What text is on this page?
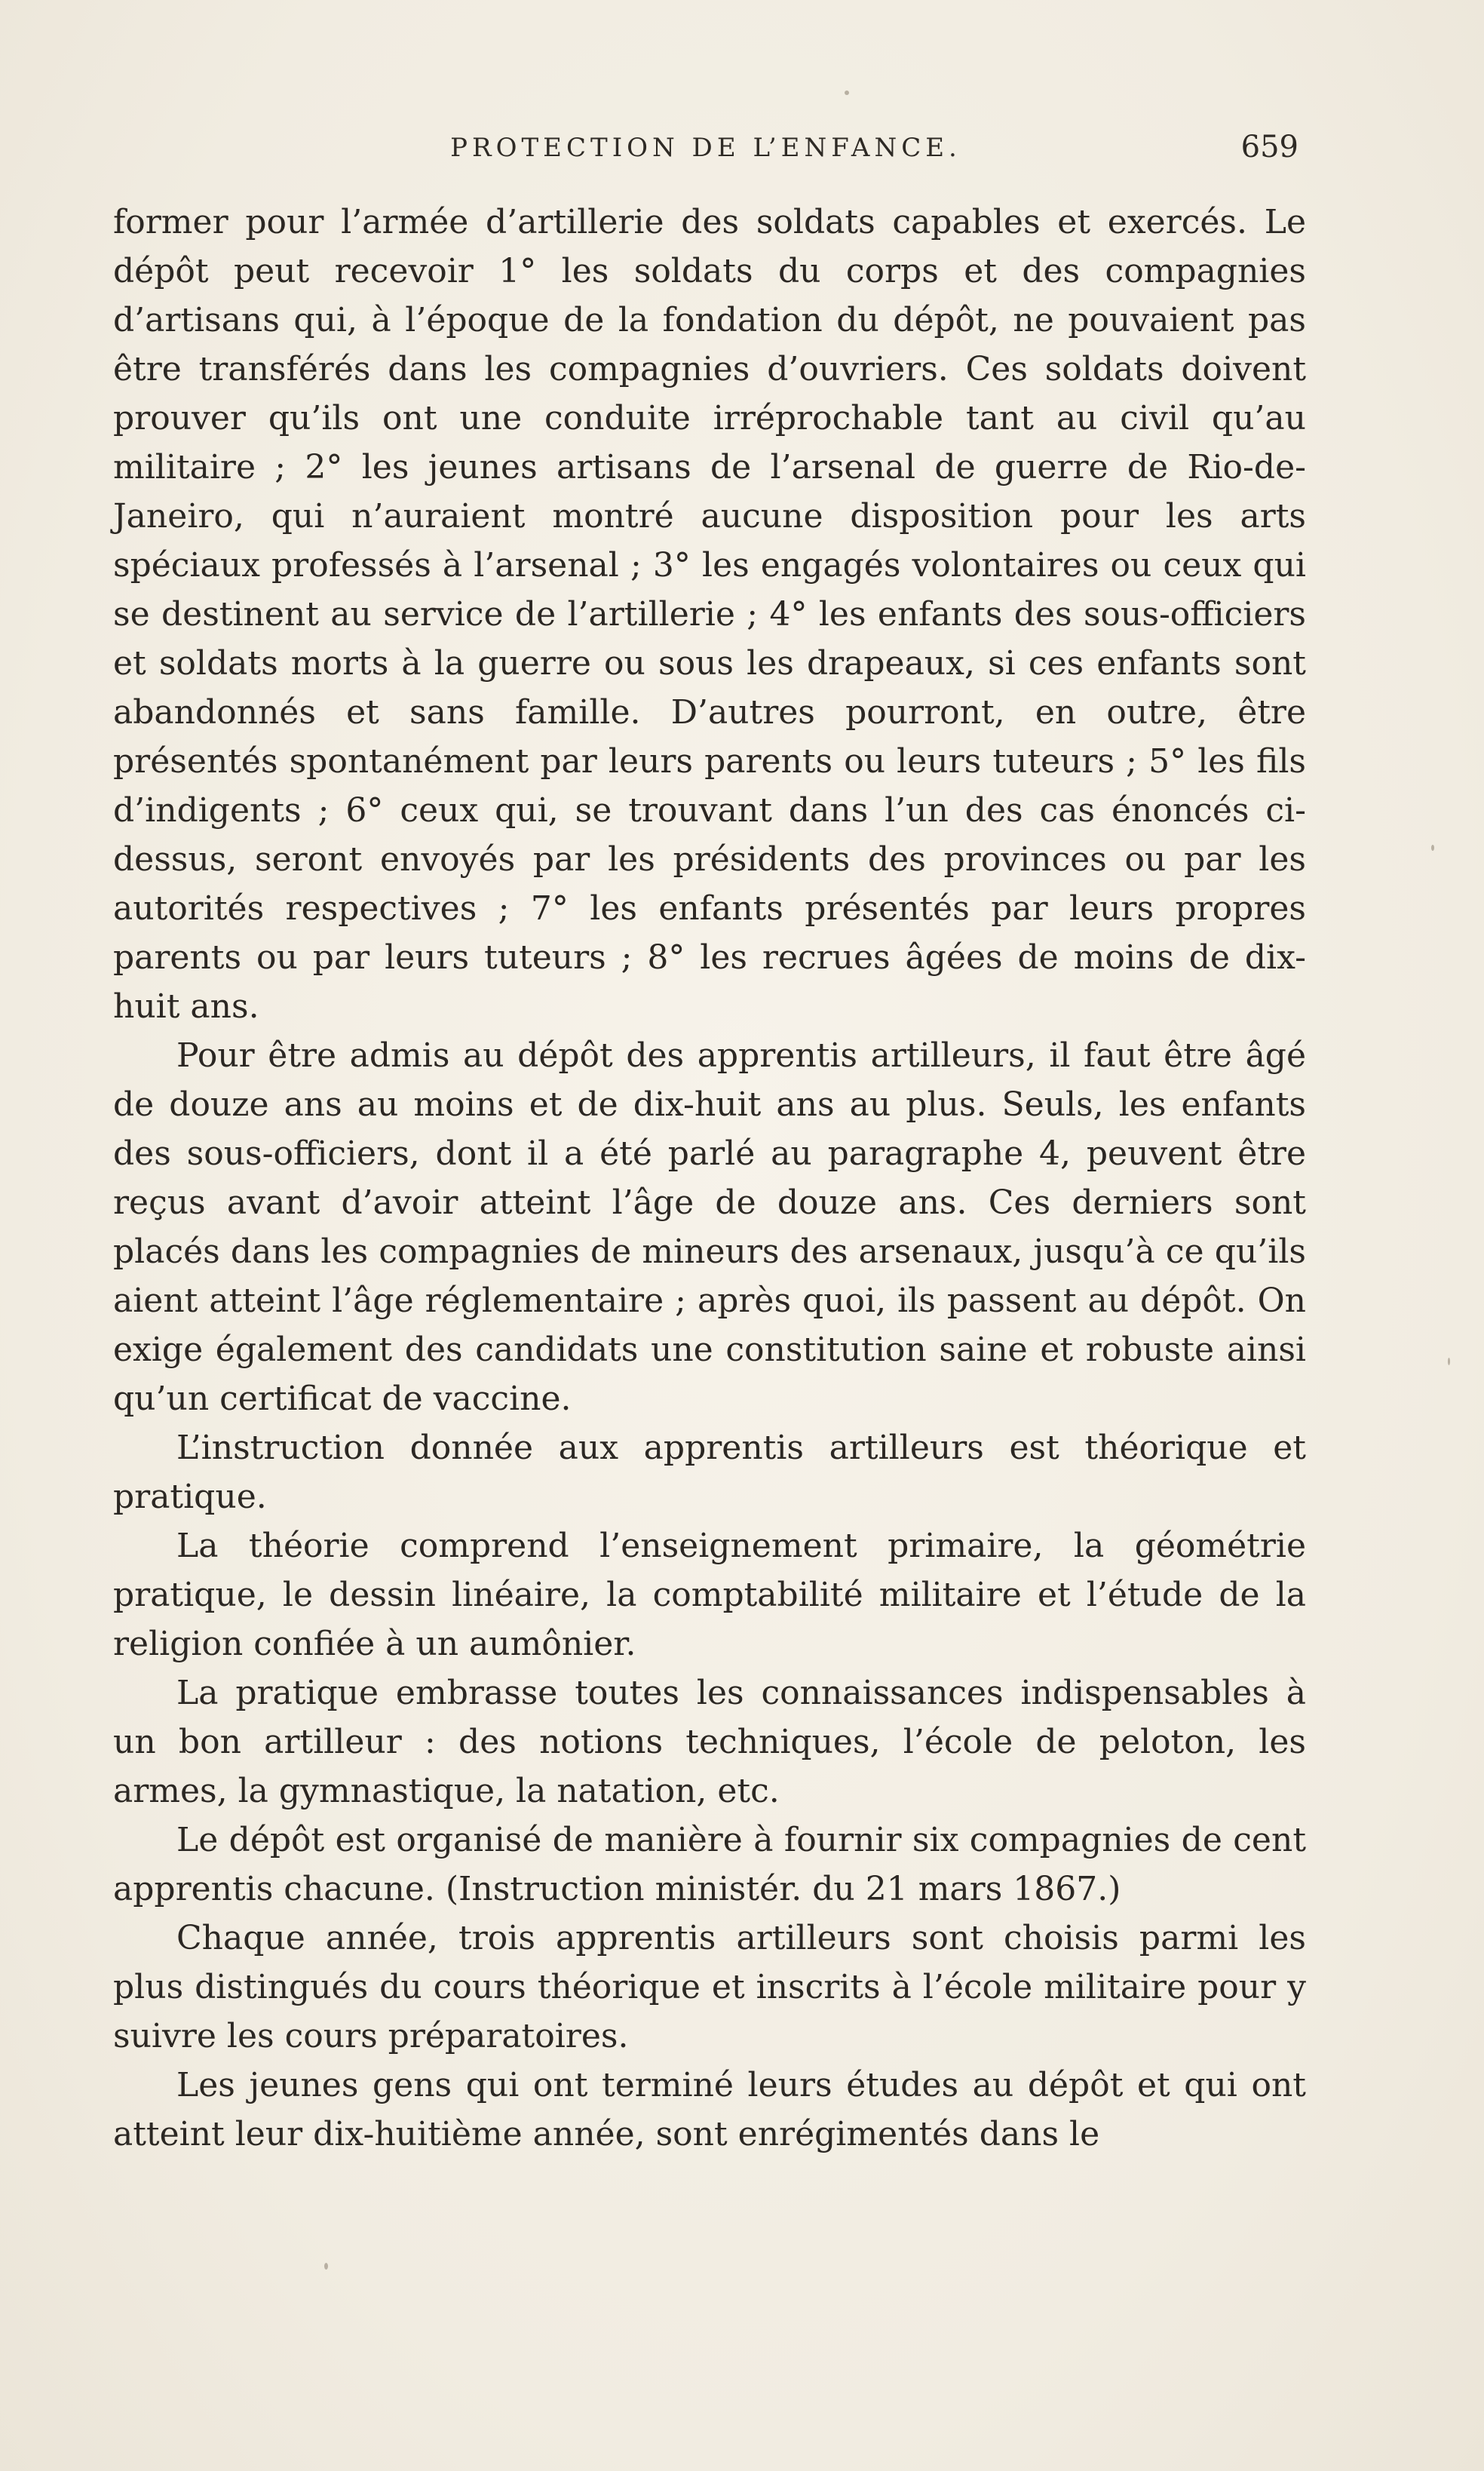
PROTECTION DE L’ENFANCE.	659

former pour l’armée d’artillerie des soldats capables et exercés. Le dépôt peut recevoir 1° les soldats du corps et des compagnies d’artisans qui, à l’époque de la fondation du dépôt, ne pouvaient pas être transférés dans les compagnies d’ouvriers. Ces soldats doivent prouver qu’ils ont une conduite irréprochable tant au civil qu’au militaire ; 2° les jeunes artisans de l’arsenal de guerre de Rio-de-Janeiro, qui n’auraient montré aucune disposition pour les arts spéciaux professés à l’arsenal ; 3° les engagés volontaires ou ceux qui se destinent au service de l’artillerie ; 4° les enfants des sous-officiers et soldats morts à la guerre ou sous les drapeaux, si ces enfants sont abandonnés et sans famille. D’autres pourront, en outre, être présentés spontanément par leurs parents ou leurs tuteurs ; 5° les fils d’indigents ; 6° ceux qui, se trouvant dans l’un des cas énoncés ci-dessus, seront envoyés par les présidents des provinces ou par les autorités respectives ; 7° les enfants présentés par leurs propres parents ou par leurs tuteurs ; 8° les recrues âgées de moins de dix-huit ans.

Pour être admis au dépôt des apprentis artilleurs, il faut être âgé de douze ans au moins et de dix-huit ans au plus. Seuls, les enfants des sous-officiers, dont il a été parlé au paragraphe 4, peuvent être reçus avant d’avoir atteint l’âge de douze ans. Ces derniers sont placés dans les compagnies de mineurs des arsenaux, jusqu’à ce qu’ils aient atteint l’âge réglementaire ; après quoi, ils passent au dépôt. On exige également des candidats une constitution saine et robuste ainsi qu’un certificat de vaccine.

L’instruction donnée aux apprentis artilleurs est théorique et pratique.

La théorie comprend l’enseignement primaire, la géométrie pratique, le dessin linéaire, la comptabilité militaire et l’étude de la religion confiée à un aumônier.

La pratique embrasse toutes les connaissances indispensables à un bon artilleur : des notions techniques, l’école de peloton, les armes, la gymnastique, la natation, etc.

Le dépôt est organisé de manière à fournir six compagnies de cent apprentis chacune. (Instruction ministér. du 21 mars 1867.)

Chaque année, trois apprentis artilleurs sont choisis parmi les plus distingués du cours théorique et inscrits à l’école militaire pour y suivre les cours préparatoires.

Les jeunes gens qui ont terminé leurs études au dépôt et qui ont atteint leur dix-huitième année, sont enrégimentés dans le
